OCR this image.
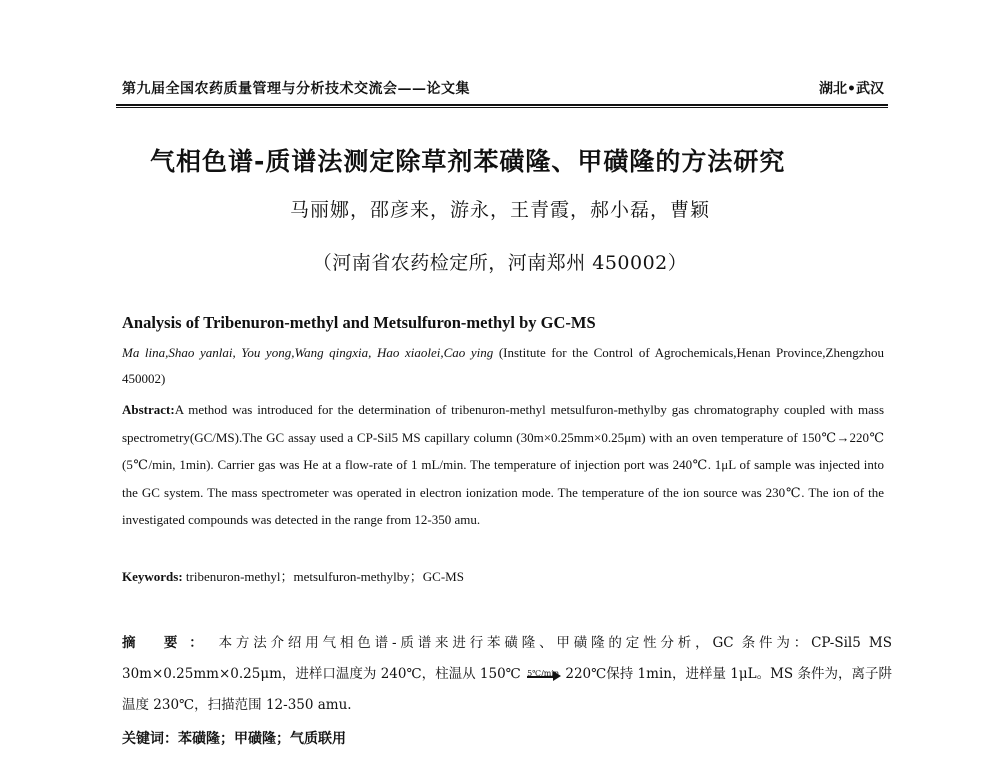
第九届全国农药质量管理与分析技术交流会——论文集	湖北•武汉
气相色谱-质谱法测定除草剂苯磺隆、甲磺隆的方法研究
马丽娜，邵彦来，游永，王青霞，郝小磊，曹颖
（河南省农药检定所，河南郑州 450002）
Analysis of Tribenuron-methyl and Metsulfuron-methyl by GC-MS
Ma lina,Shao yanlai, You yong,Wang qingxia, Hao xiaolei,Cao ying (Institute for the Control of Agrochemicals,Henan Province,Zhengzhou 450002)
Abstract:A method was introduced for the determination of tribenuron-methyl metsulfuron-methylby gas chromatography coupled with mass spectrometry(GC/MS).The GC assay used a CP-Sil5 MS capillary column (30m×0.25mm×0.25μm) with an oven temperature of 150℃→220℃ (5℃/min, 1min). Carrier gas was He at a flow-rate of 1 mL/min. The temperature of injection port was 240℃. 1μL of sample was injected into the GC system. The mass spectrometer was operated in electron ionization mode. The temperature of the ion source was 230℃. The ion of the investigated compounds was detected in the range from 12-350 amu.
Keywords: tribenuron-methyl；metsulfuron-methylby；GC-MS
摘 要： 本方法介绍用气相色谱-质谱来进行苯磺隆、甲磺隆的定性分析，GC 条件为：CP-Sil5 MS　30m×0.25mm×0.25μm，进样口温度为 240℃，柱温从 150℃ 5℃/min 220℃保持 1min，进样量 1μL。MS 条件为，离子阱温度 230℃，扫描范围 12-350 amu.
关键词：苯磺隆；甲磺隆；气质联用
